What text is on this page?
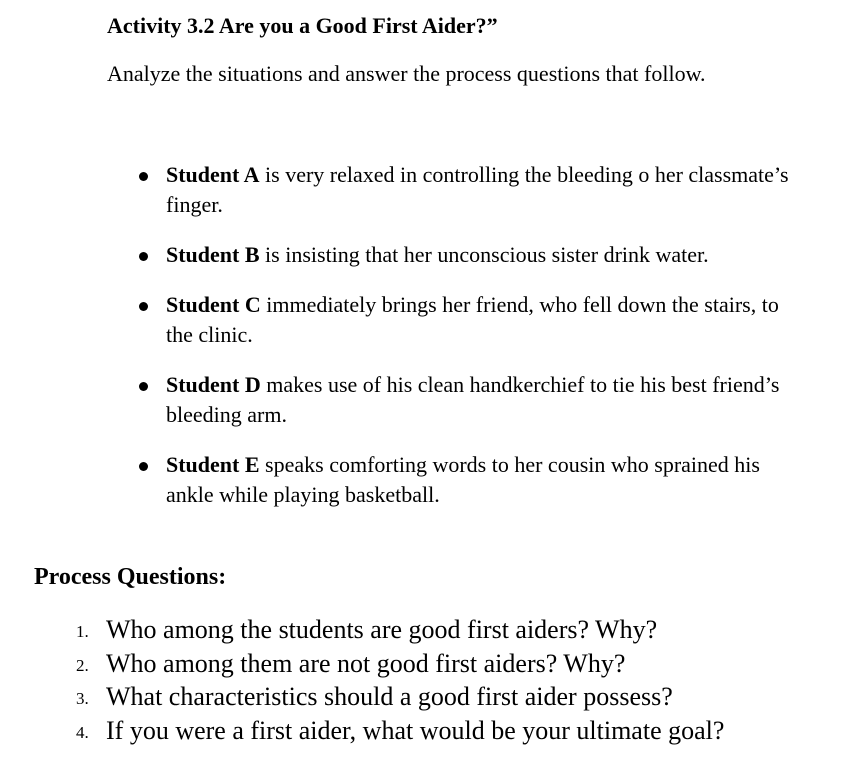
Activity 3.2 Are you a Good First Aider?”

Analyze the situations and answer the process questions that follow.

Student A is very relaxed in controlling the bleeding o her classmate’s finger.
Student B is insisting that her unconscious sister drink water.
Student C immediately brings her friend, who fell down the stairs, to the clinic.
Student D makes use of his clean handkerchief to tie his best friend’s bleeding arm.
Student E speaks comforting words to her cousin who sprained his ankle while playing basketball.
Process Questions:
1. Who among the students are good first aiders? Why?
2. Who among them are not good first aiders? Why?
3. What characteristics should a good first aider possess?
4. If you were a first aider, what would be your ultimate goal?
